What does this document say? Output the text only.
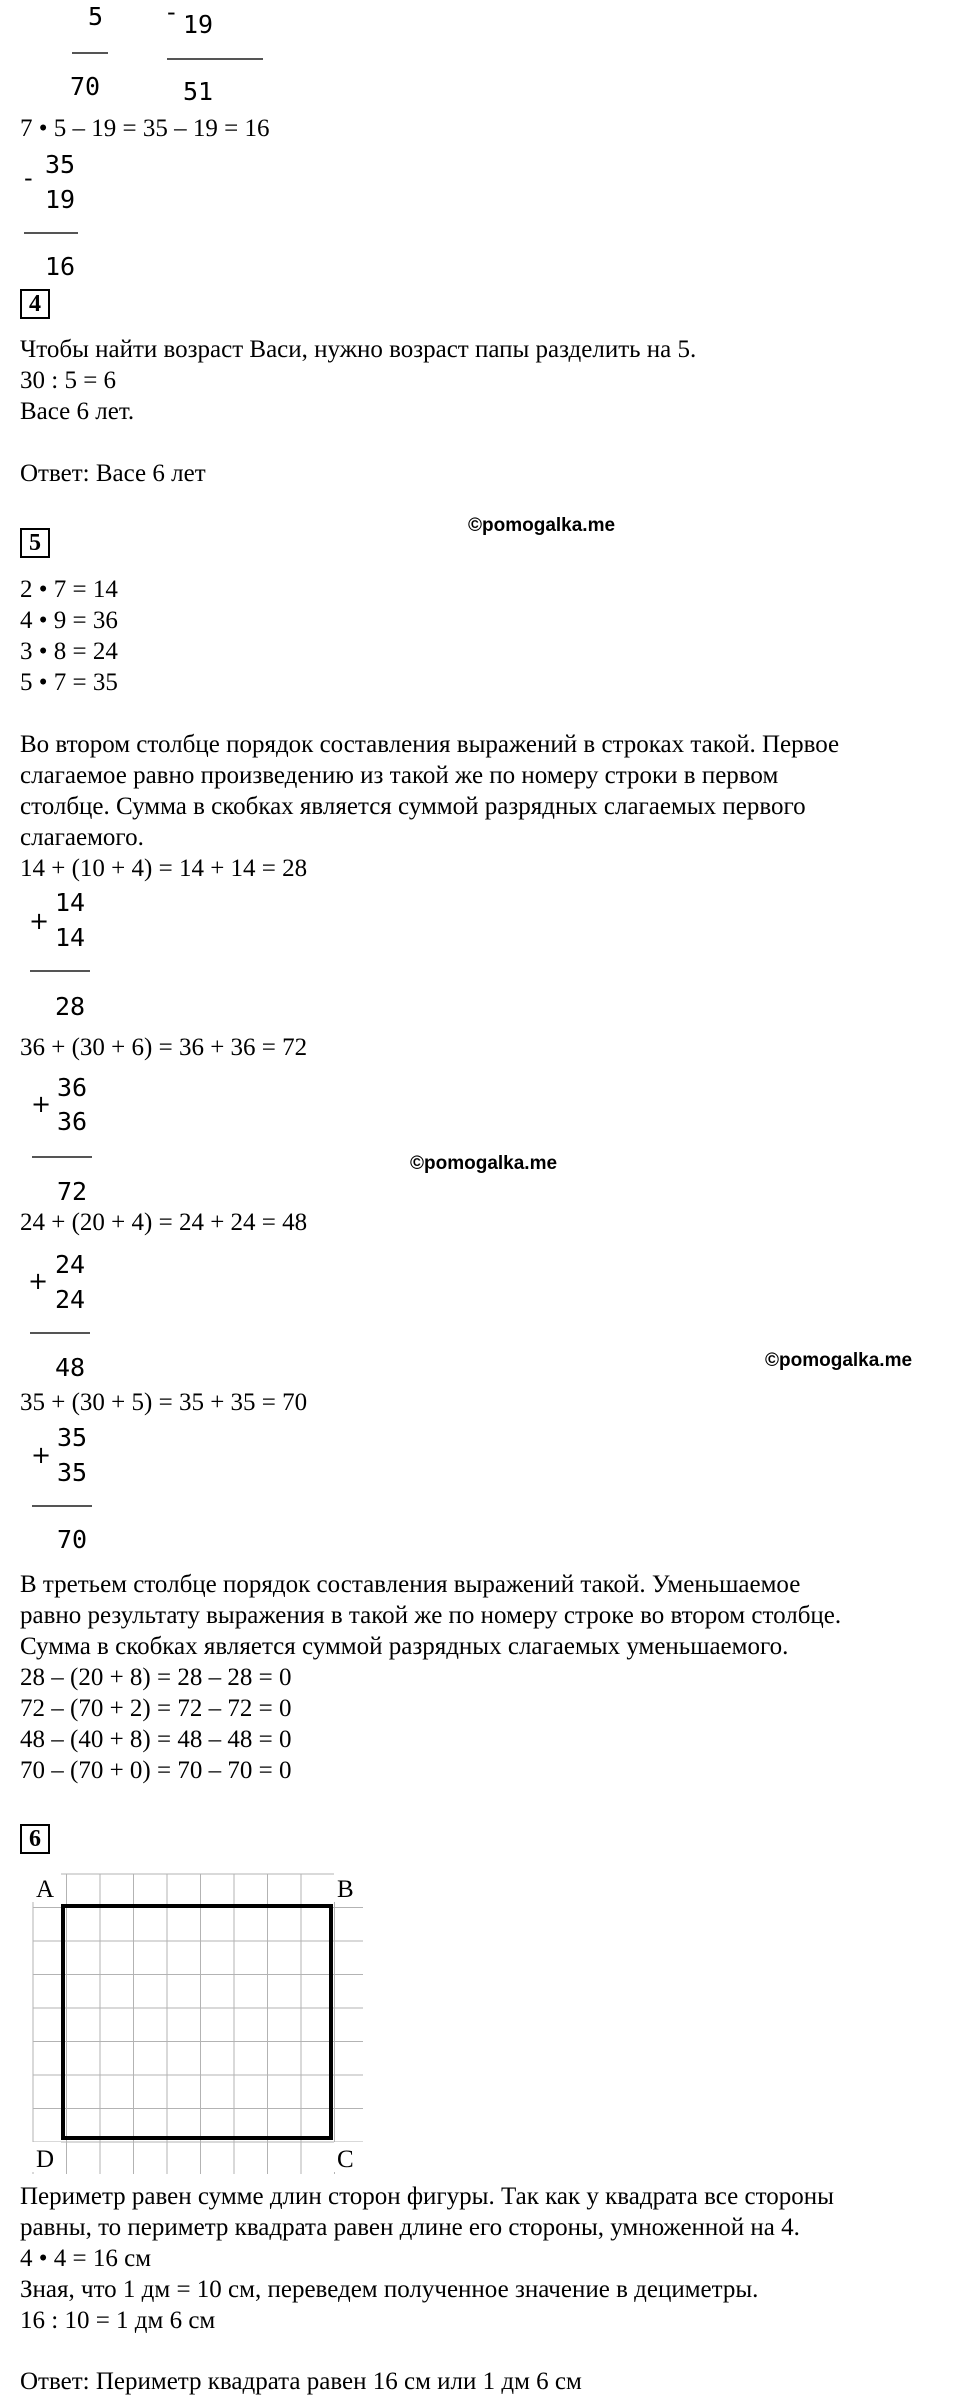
5
70
- 19
51
7 • 5 – 19 = 35 – 19 = 16
- 35
19
16
4
Чтобы найти возраст Васи, нужно возраст папы разделить на 5.
30 : 5 = 6
Васе 6 лет.
Ответ: Васе 6 лет
©pomogalka.me
5
2 • 7 = 14
4 • 9 = 36
3 • 8 = 24
5 • 7 = 35
Во втором столбце порядок составления выражений в строках такой. Первое
слагаемое равно произведению из такой же по номеру строки в первом
столбце. Сумма в скобках является суммой разрядных слагаемых первого
слагаемого.
14 + (10 + 4) = 14 + 14 = 28
+
14
14
28
36 + (30 + 6) = 36 + 36 = 72
+
36
36
72
©pomogalka.me
24 + (20 + 4) = 24 + 24 = 48
+
24
24
48	©pomogalka.me
35 + (30 + 5) = 35 + 35 = 70
+
35
35
70
В третьем столбце порядок составления выражений такой. Уменьшаемое
равно результату выражения в такой же по номеру строке во втором столбце.
Сумма в скобках является суммой разрядных слагаемых уменьшаемого.
28 – (20 + 8) = 28 – 28 = 0
72 – (70 + 2) = 72 – 72 = 0
48 – (40 + 8) = 48 – 48 = 0
70 – (70 + 0) = 70 – 70 = 0
6
A	B
C
D
Периметр равен сумме длин сторон фигуры. Так как у квадрата все стороны
равны, то периметр квадрата равен длине его стороны, умноженной на 4.
4 • 4 = 16 см
Зная, что 1 дм = 10 см, переведем полученное значение в дециметры.
16 : 10 = 1 дм 6 см
Ответ: Периметр квадрата равен 16 см или 1 дм 6 см
